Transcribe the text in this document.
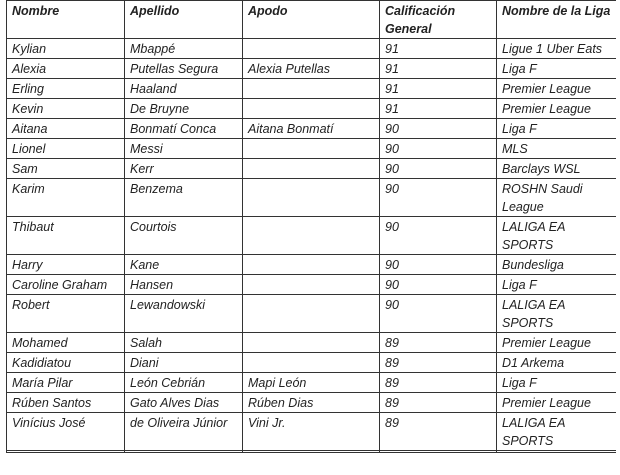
Nombre	Apellido	Apodo	Calificación General	Nombre de la Liga
Kylian	Mbappé		91	Ligue 1 Uber Eats
Alexia	Putellas Segura	Alexia Putellas	91	Liga F
Erling	Haaland		91	Premier League
Kevin	De Bruyne		91	Premier League
Aitana	Bonmatí Conca	Aitana Bonmatí	90	Liga F
Lionel	Messi		90	MLS
Sam	Kerr		90	Barclays WSL
Karim	Benzema		90	ROSHN Saudi League
Thibaut	Courtois		90	LALIGA EA SPORTS
Harry	Kane		90	Bundesliga
Caroline Graham	Hansen		90	Liga F
Robert	Lewandowski		90	LALIGA EA SPORTS
Mohamed	Salah		89	Premier League
Kadidiatou	Diani		89	D1 Arkema
María Pilar	León Cebrián	Mapi León	89	Liga F
Rúben Santos	Gato Alves Dias	Rúben Dias	89	Premier League
Vinícius José	de Oliveira Júnior	Vini Jr.	89	LALIGA EA SPORTS
